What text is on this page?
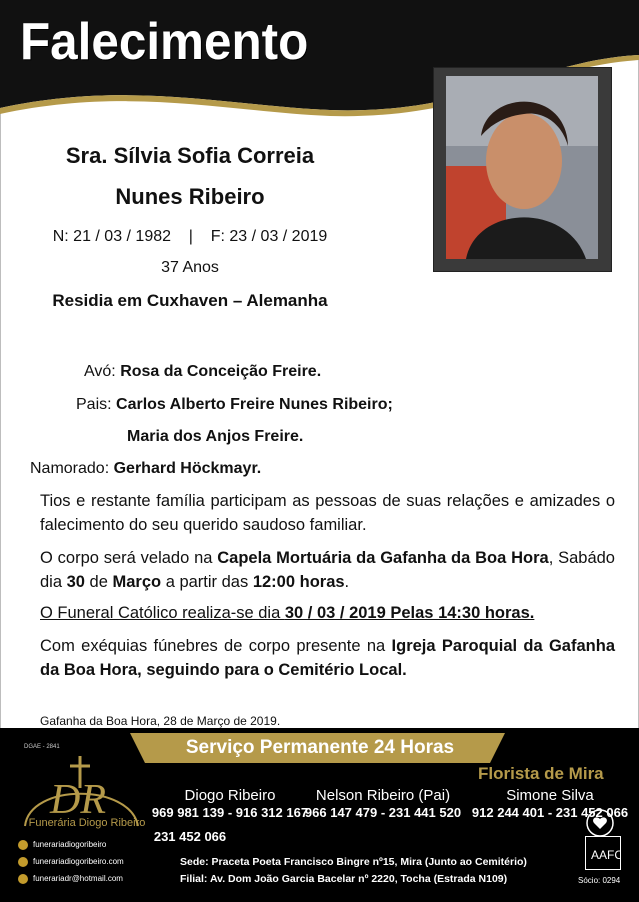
Falecimento
Sra. Sílvia Sofia Correia
Nunes Ribeiro
N: 21 / 03 / 1982    |    F: 23 / 03 / 2019
37 Anos
Residia em Cuxhaven – Alemanha
Avó: Rosa da Conceição Freire.
Pais: Carlos Alberto Freire Nunes Ribeiro;
Maria dos Anjos Freire.
Namorado: Gerhard Höckmayr.
Tios e restante família participam as pessoas de suas relações e amizades o falecimento do seu querido saudoso familiar.
O corpo será velado na Capela Mortuária da Gafanha da Boa Hora, Sabádo dia 30 de Março a partir das 12:00 horas.
O Funeral Católico realiza-se dia 30 / 03 / 2019 Pelas 14:30 horas.
Com exéquias fúnebres de corpo presente na Igreja Paroquial da Gafanha da Boa Hora, seguindo para o Cemitério Local.
Gafanha da Boa Hora, 28 de Março de 2019.
Serviço Permanente 24 Horas
DGAE - 2841
DR
Funerária Diogo Ribeiro
Florista de Mira
Diogo Ribeiro
969 981 139 - 916 312 167
231 452 066
Nelson Ribeiro (Pai)
966 147 479 - 231 441 520
Simone Silva
912 244 401 - 231 452 066
funerariadiogoribeiro
funerariadiogoribeiro.com
funerariadr@hotmail.com
Sede: Praceta Poeta Francisco Bingre nº15, Mira (Junto ao Cemitério)
Filial: Av. Dom João Garcia Bacelar nº 2220, Tocha (Estrada N109)
AAFC
Sócio: 0294
